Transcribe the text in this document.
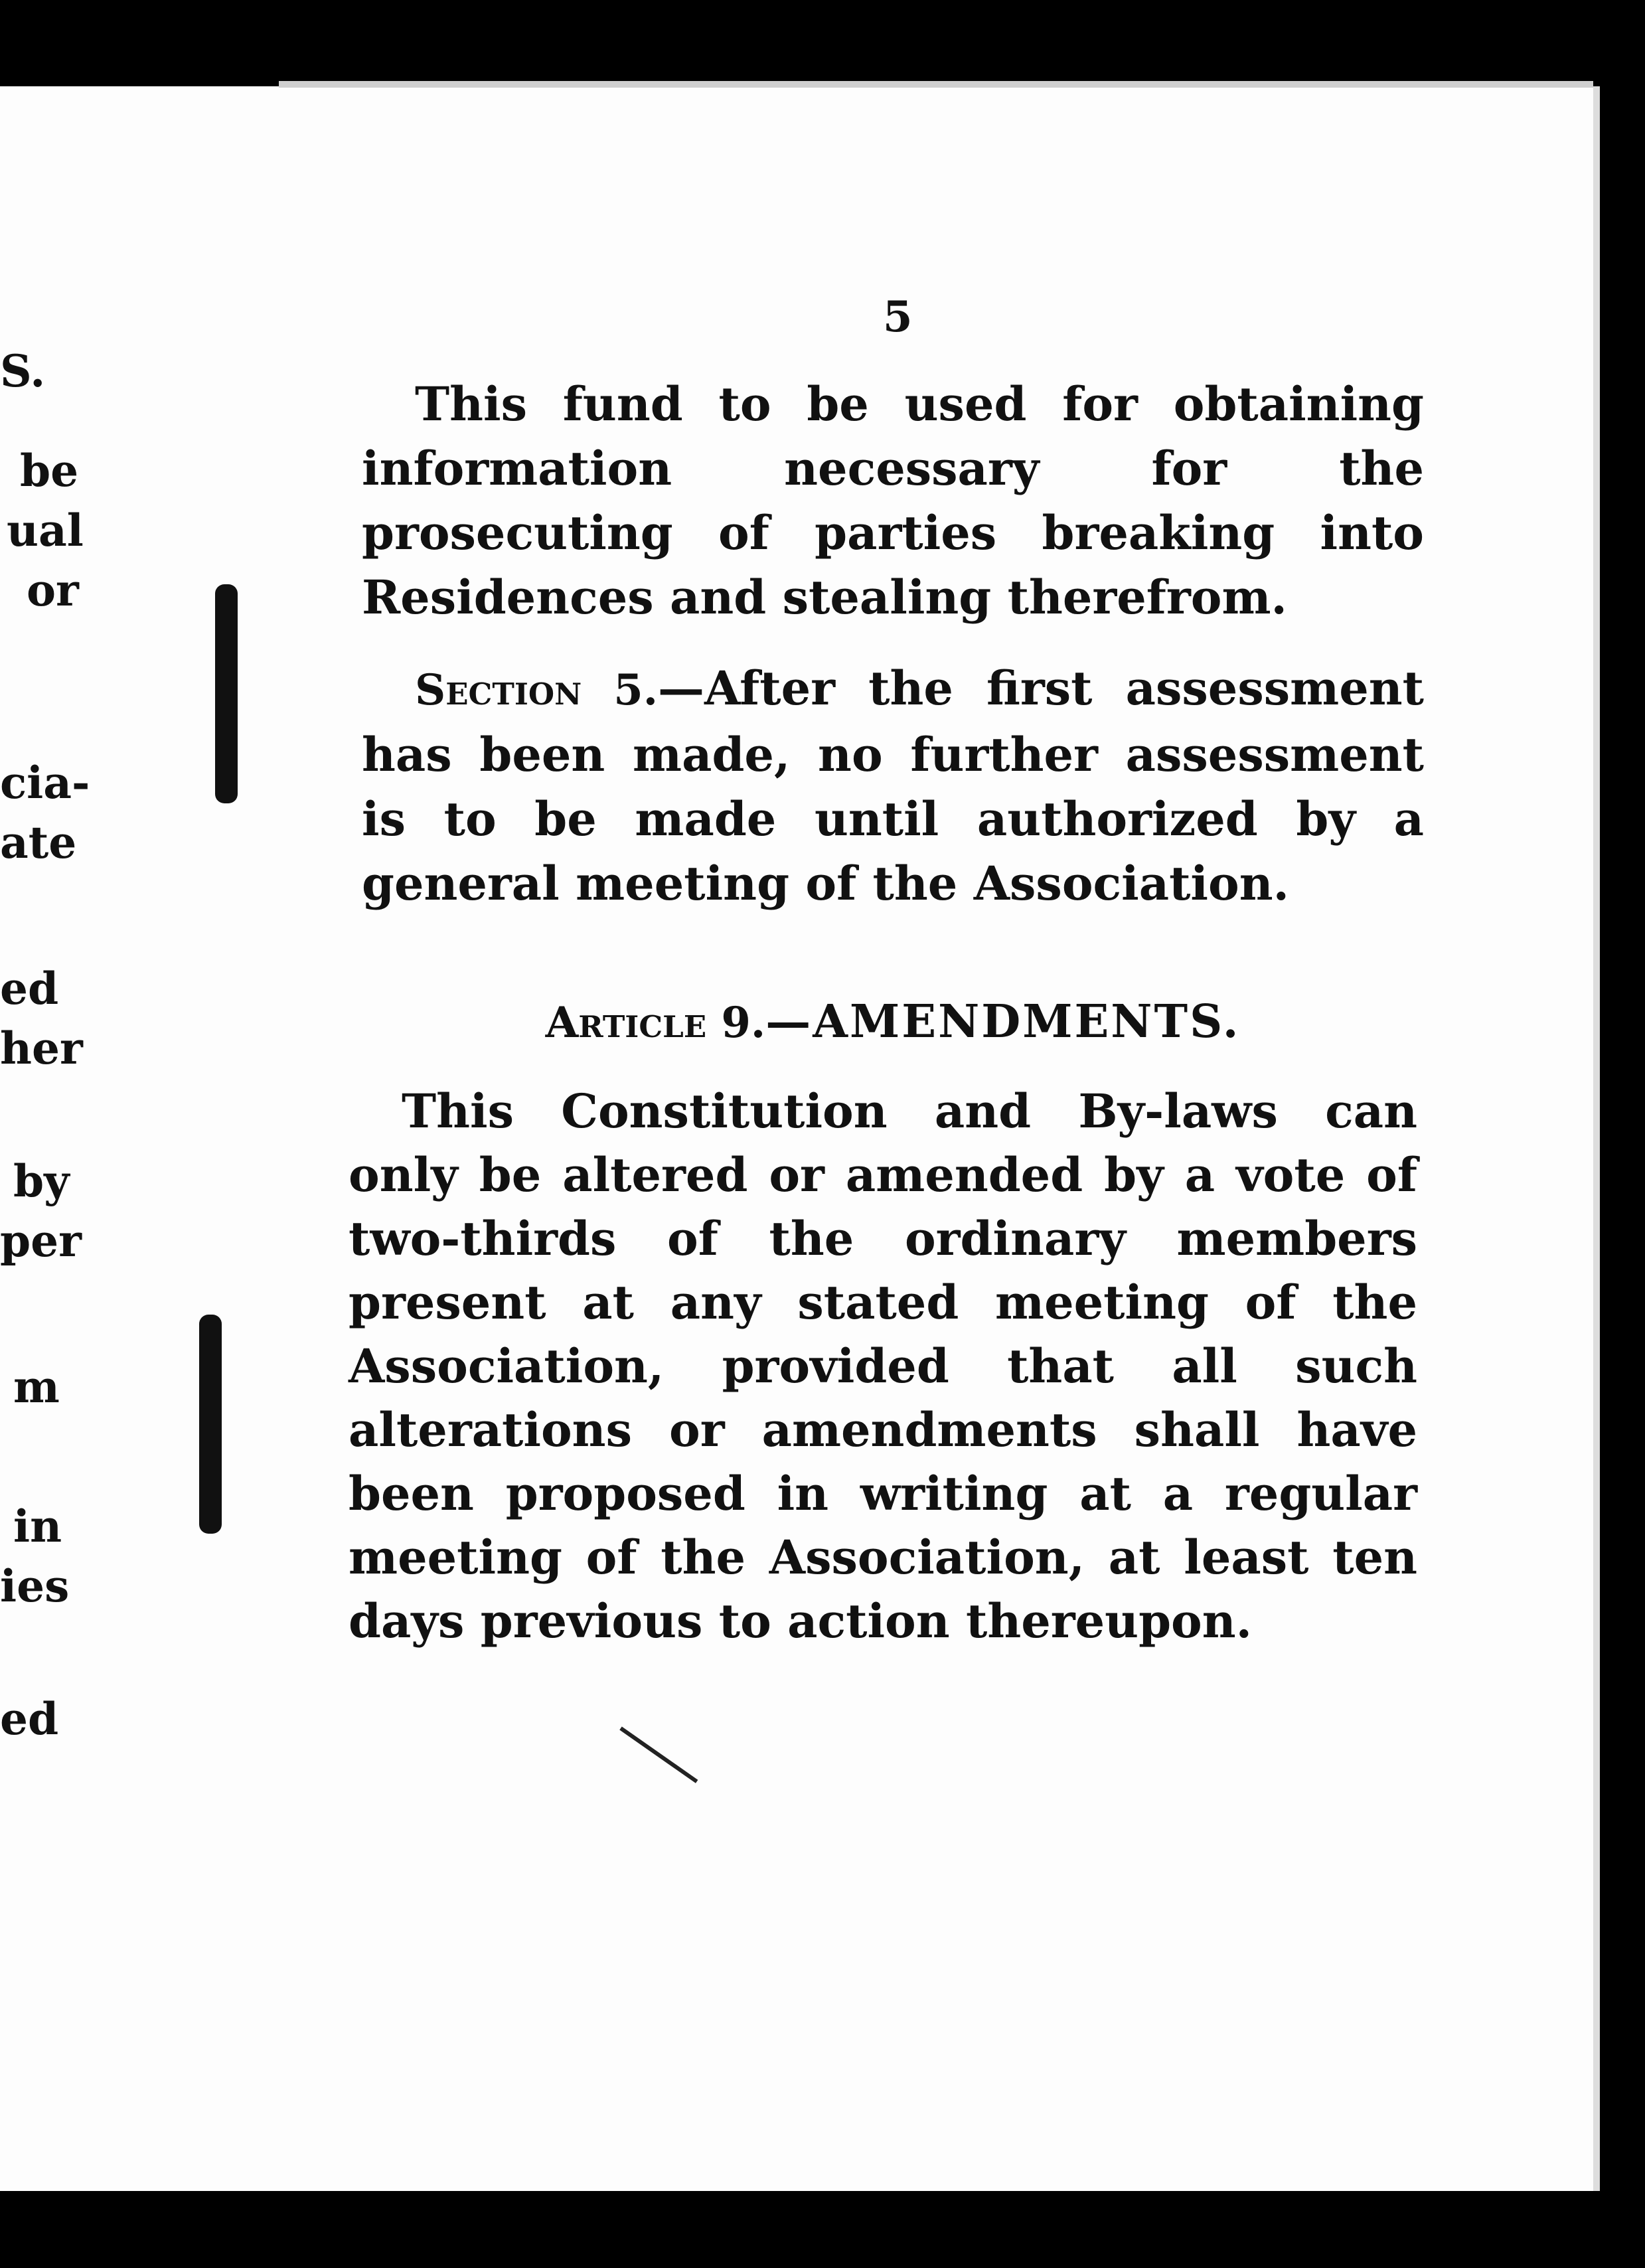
S.
be
ual
or
cia-
ate
ed
her
by
per
m
in
ies
ed

5

This fund to be used for obtaining information necessary for the prosecuting of parties breaking into Residences and stealing therefrom.

Section 5.—After the first assessment has been made, no further assessment is to be made until authorized by a general meeting of the Association.

Article 9.—AMENDMENTS.

This Constitution and By-laws can only be altered or amended by a vote of two-thirds of the ordinary members present at any stated meeting of the Association, provided that all such alterations or amendments shall have been proposed in writing at a regular meeting of the Association, at least ten days previous to action thereupon.
